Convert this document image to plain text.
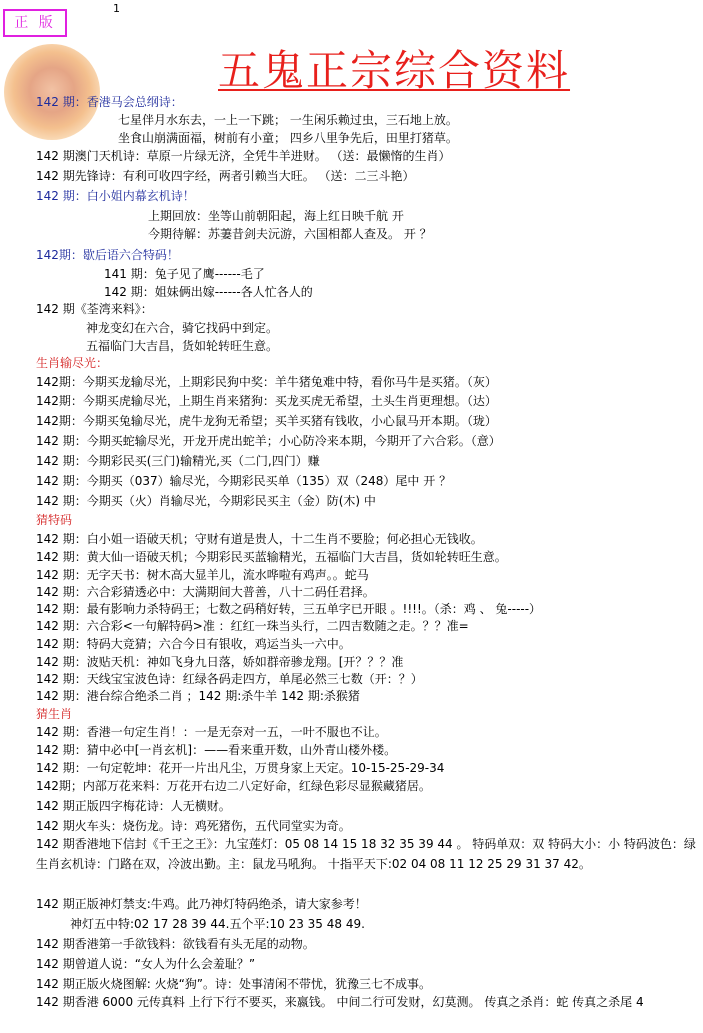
正 版
1
五鬼正宗综合资料
142 期：香港马会总纲诗：
七星伴月水东去，一上一下跳； 一生闲乐赖过虫，三石地上放。
坐食山崩满面福，树前有小童； 四乡八里争先后，田里打猪草。
142 期澳门天机诗：草原一片绿无济，全凭牛羊进财。 （送：最懒惰的生肖）
142 期先锋诗：有利可收四字经，两者引赖当大旺。 （送：二三斗艳）
142 期：白小姐内幕玄机诗！
上期回放：坐等山前朝阳起，海上红日映千航 开
今期待解：苏萋昔剑夫沅游，六国相都人查及。 开 ？
142期：歇后语六合特码！
141 期：兔子见了鹰------毛了
142 期：姐妹俩出嫁------各人忙各人的
142 期《荃湾来料》：
神龙变幻在六合，骑它找码中到定。
五福临门大吉昌，货如轮转旺生意。
生肖输尽光：
142期：今期买龙输尽光，上期彩民狗中奖：羊牛猪兔难中特，看你马牛是买猪。（灰）
142期：今期买虎输尽光，上期生肖来猪狗：买龙买虎无希望，土头生肖更理想。（达）
142期：今期买兔输尽光，虎牛龙狗无希望；买羊买猪有钱收，小心鼠马开本期。（珑）
142 期：今期买蛇输尽光，开龙开虎出蛇羊；小心防冷来本期，今期开了六合彩。（意）
142 期：今期彩民买(三门)输精光,买（二门,四门）赚
142 期：今期买（037）输尽光，今期彩民买单（135）双（248）尾中 开 ？
142 期：今期买（火）肖输尽光，今期彩民买主（金）防(木) 中
猜特码
142 期：白小姐一语破天机；守财有道是贵人，十二生肖不要脸；何必担心无钱收。
142 期：黄大仙一语破天机；今期彩民买蓝输精光，五福临门大吉昌，货如轮转旺生意。
142 期：无字天书：树木高大显羊儿，流水哗啦有鸡声。。蛇马
142 期：六合彩猜透必中：大满期间大普善，八十二码任君择。
142 期：最有影响力杀特码王；七数之码稍好转，三五单字已开眼 。!!!!。（杀：鸡 、 兔-----）
142 期：六合彩<一句解特码>准 ：红红一珠当头行，二四吉数随之走。？？准=
142 期：特码大竞猜；六合今日有银收，鸡运当头一六中。
142 期：波贴天机：神如飞身九日落，娇如群帝骖龙翔。[开？？？准
142 期：天线宝宝波色诗：红绿各码走四方，单尾必然三七数（开：？）
142 期：港台综合绝杀二肖 ；142 期:杀牛羊 142 期:杀猴猪
猜生肖
142 期：香港一句定生肖！：一是无奈对一五，一叶不服也不让。
142 期：猜中必中[一肖玄机]：——看来重开数，山外青山楼外楼。
142 期：一句定乾坤：花开一片出凡尘，万贯身家上天定。10-15-25-29-34
142期；内部万花来料：万花开右边二八定好命，红绿色彩尽显猴藏猪居。
142 期正版四字梅花诗：人无横财。
142 期火车头：烧伤龙。诗：鸡死猪伤，五代同堂实为奇。
142 期香港地下信封《千王之王》：九宝莲灯：05 08 14 15 18 32 35 39 44 。 特码单双：双 特码大小：小 特码波色：绿 生肖玄机诗：门路在双，冷波出勤。主：鼠龙马吼狗。 十指平天下:02 04 08 11 12 25 29 31 37 42。
142 期正版神灯禁支:牛鸡。此乃神灯特码绝杀，请大家参考！
神灯五中特:02 17 28 39 44.五个平:10 23 35 48 49.
142 期香港第一手欲钱料：欲钱看有头无尾的动物。
142 期曾道人说：“女人为什么会羞耻？”
142 期正版火烧图解: 火烧“狗”。诗：处事清闲不带忧，犹豫三七不成事。
142 期香港 6000 元传真料 上行下行不要买，来嬴钱。 中间二行可发财，幻莫测。 传真之杀肖：蛇 传真之杀尾 4
